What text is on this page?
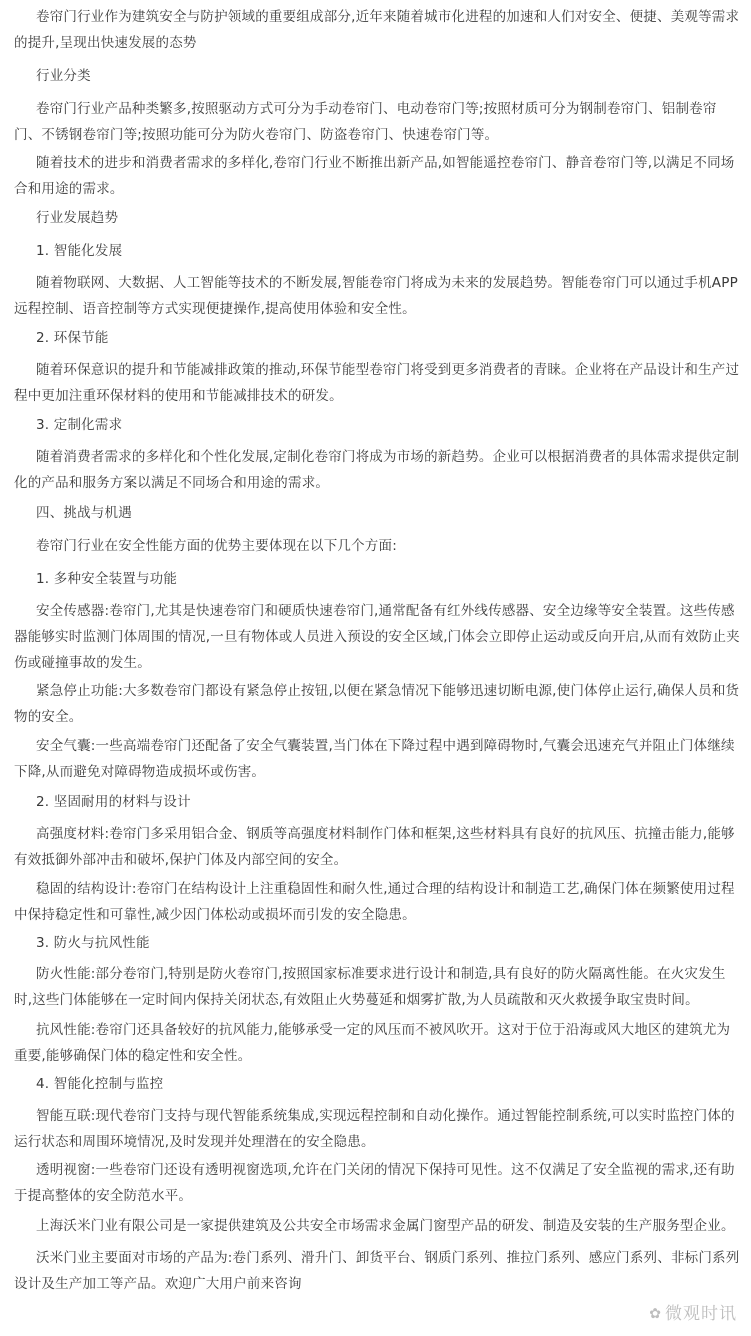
卷帘门行业作为建筑安全与防护领域的重要组成部分,近年来随着城市化进程的加速和人们对安全、便捷、美观等需求的提升,呈现出快速发展的态势

行业分类

卷帘门行业产品种类繁多,按照驱动方式可分为手动卷帘门、电动卷帘门等;按照材质可分为钢制卷帘门、铝制卷帘门、不锈钢卷帘门等;按照功能可分为防火卷帘门、防盗卷帘门、快速卷帘门等。

随着技术的进步和消费者需求的多样化,卷帘门行业不断推出新产品,如智能遥控卷帘门、静音卷帘门等,以满足不同场合和用途的需求。

行业发展趋势

1. 智能化发展

随着物联网、大数据、人工智能等技术的不断发展,智能卷帘门将成为未来的发展趋势。智能卷帘门可以通过手机APP远程控制、语音控制等方式实现便捷操作,提高使用体验和安全性。

2. 环保节能

随着环保意识的提升和节能减排政策的推动,环保节能型卷帘门将受到更多消费者的青睐。企业将在产品设计和生产过程中更加注重环保材料的使用和节能减排技术的研发。

3. 定制化需求

随着消费者需求的多样化和个性化发展,定制化卷帘门将成为市场的新趋势。企业可以根据消费者的具体需求提供定制化的产品和服务方案以满足不同场合和用途的需求。

四、挑战与机遇

卷帘门行业在安全性能方面的优势主要体现在以下几个方面:

1. 多种安全装置与功能

安全传感器:卷帘门,尤其是快速卷帘门和硬质快速卷帘门,通常配备有红外线传感器、安全边缘等安全装置。这些传感器能够实时监测门体周围的情况,一旦有物体或人员进入预设的安全区域,门体会立即停止运动或反向开启,从而有效防止夹伤或碰撞事故的发生。

紧急停止功能:大多数卷帘门都设有紧急停止按钮,以便在紧急情况下能够迅速切断电源,使门体停止运行,确保人员和货物的安全。

安全气囊:一些高端卷帘门还配备了安全气囊装置,当门体在下降过程中遇到障碍物时,气囊会迅速充气并阻止门体继续下降,从而避免对障碍物造成损坏或伤害。

2. 坚固耐用的材料与设计

高强度材料:卷帘门多采用铝合金、钢质等高强度材料制作门体和框架,这些材料具有良好的抗风压、抗撞击能力,能够有效抵御外部冲击和破坏,保护门体及内部空间的安全。

稳固的结构设计:卷帘门在结构设计上注重稳固性和耐久性,通过合理的结构设计和制造工艺,确保门体在频繁使用过程中保持稳定性和可靠性,减少因门体松动或损坏而引发的安全隐患。

3. 防火与抗风性能

防火性能:部分卷帘门,特别是防火卷帘门,按照国家标准要求进行设计和制造,具有良好的防火隔离性能。在火灾发生时,这些门体能够在一定时间内保持关闭状态,有效阻止火势蔓延和烟雾扩散,为人员疏散和灭火救援争取宝贵时间。

抗风性能:卷帘门还具备较好的抗风能力,能够承受一定的风压而不被风吹开。这对于位于沿海或风大地区的建筑尤为重要,能够确保门体的稳定性和安全性。

4. 智能化控制与监控

智能互联:现代卷帘门支持与现代智能系统集成,实现远程控制和自动化操作。通过智能控制系统,可以实时监控门体的运行状态和周围环境情况,及时发现并处理潜在的安全隐患。

透明视窗:一些卷帘门还设有透明视窗选项,允许在门关闭的情况下保持可见性。这不仅满足了安全监视的需求,还有助于提高整体的安全防范水平。

上海沃米门业有限公司是一家提供建筑及公共安全市场需求金属门窗型产品的研发、制造及安装的生产服务型企业。

沃米门业主要面对市场的产品为:卷门系列、滑升门、卸货平台、钢质门系列、推拉门系列、感应门系列、非标门系列设计及生产加工等产品。欢迎广大用户前来咨询

✿ 微观时讯
